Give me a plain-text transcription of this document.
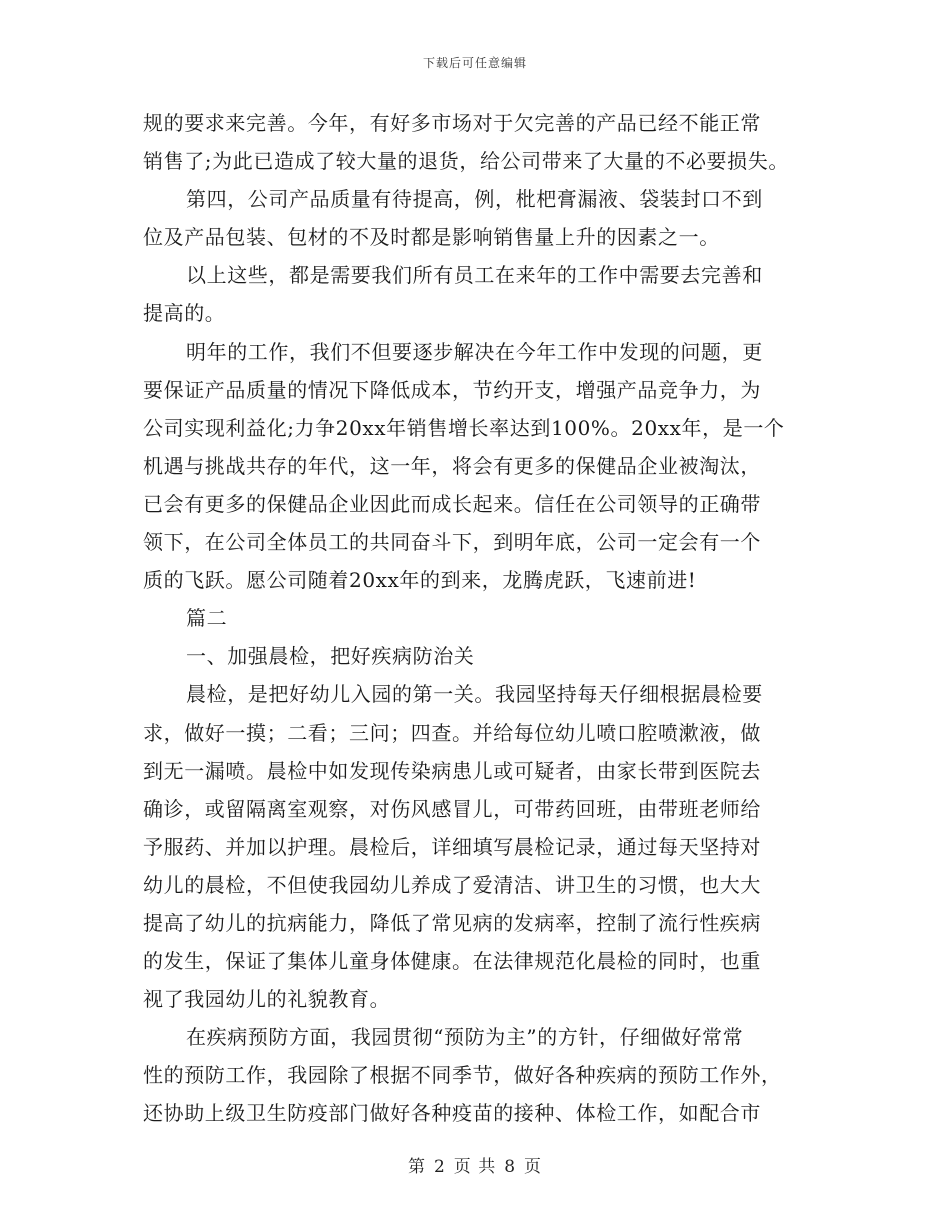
下载后可任意编辑
规的要求来完善。今年，有好多市场对于欠完善的产品已经不能正常
销售了;为此已造成了较大量的退货，给公司带来了大量的不必要损失。
第四，公司产品质量有待提高，例，枇杷膏漏液、袋装封口不到
位及产品包装、包材的不及时都是影响销售量上升的因素之一。
以上这些，都是需要我们所有员工在来年的工作中需要去完善和
提高的。
明年的工作，我们不但要逐步解决在今年工作中发现的问题，更
要保证产品质量的情况下降低成本，节约开支，增强产品竞争力，为
公司实现利益化;力争20xx年销售增长率达到100%。20xx年，是一个
机遇与挑战共存的年代，这一年，将会有更多的保健品企业被淘汰，
已会有更多的保健品企业因此而成长起来。信任在公司领导的正确带
领下，在公司全体员工的共同奋斗下，到明年底，公司一定会有一个
质的飞跃。愿公司随着20xx年的到来，龙腾虎跃，飞速前进!
篇二
一、加强晨检，把好疾病防治关
晨检，是把好幼儿入园的第一关。我园坚持每天仔细根据晨检要
求，做好一摸；二看；三问；四查。并给每位幼儿喷口腔喷漱液，做
到无一漏喷。晨检中如发现传染病患儿或可疑者，由家长带到医院去
确诊，或留隔离室观察，对伤风感冒儿，可带药回班，由带班老师给
予服药、并加以护理。晨检后，详细填写晨检记录，通过每天坚持对
幼儿的晨检，不但使我园幼儿养成了爱清洁、讲卫生的习惯，也大大
提高了幼儿的抗病能力，降低了常见病的发病率，控制了流行性疾病
的发生，保证了集体儿童身体健康。在法律规范化晨检的同时，也重
视了我园幼儿的礼貌教育。
在疾病预防方面，我园贯彻“预防为主”的方针，仔细做好常常
性的预防工作，我园除了根据不同季节，做好各种疾病的预防工作外，
还协助上级卫生防疫部门做好各种疫苗的接种、体检工作，如配合市
第 2 页 共 8 页
